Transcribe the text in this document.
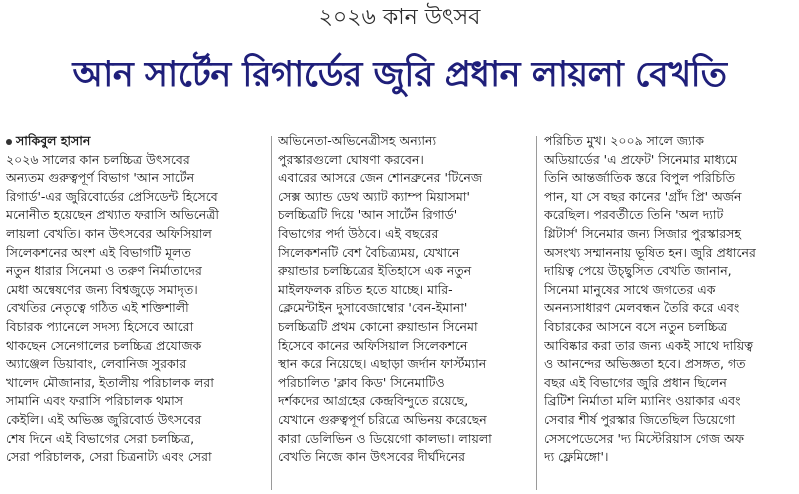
২০২৬ কান উৎসব
আন সার্টেন রিগার্ডের জুরি প্রধান লায়লা বেখতি
সাকিবুল হাসান
২০২৬ সালের কান চলচ্চিত্র উৎসবের
অন্যতম গুরুত্বপূর্ণ বিভাগ 'আন সার্টেন
রিগার্ড'-এর জুরিবোর্ডের প্রেসিডেন্ট হিসেবে
মনোনীত হয়েছেন প্রখ্যাত ফরাসি অভিনেত্রী
লায়লা বেখতি। কান উৎসবের অফিসিয়াল
সিলেকশনের অংশ এই বিভাগটি মূলত
নতুন ধারার সিনেমা ও তরুণ নির্মাতাদের
মেধা অন্বেষণের জন্য বিশ্বজুড়ে সমাদৃত।
বেখতির নেতৃত্বে গঠিত এই শক্তিশালী
বিচারক প্যানেলে সদস্য হিসেবে আরো
থাকছেন সেনেগালের চলচ্চিত্র প্রযোজক
অ্যাঞ্জেল ডিয়াবাং, লেবানিজ সুরকার
খালেদ মৌজানার, ইতালীয় পরিচালক লরা
সামানি এবং ফরাসি পরিচালক থমাস
কেইলি। এই অভিজ্ঞ জুরিবোর্ড উৎসবের
শেষ দিনে এই বিভাগের সেরা চলচ্চিত্র,
সেরা পরিচালক, সেরা চিত্রনাট্য এবং সেরা
অভিনেতা-অভিনেত্রীসহ অন্যান্য
পুরস্কারগুলো ঘোষণা করবেন।
এবারের আসরে জেন শোনব্রুনের 'টিনেজ
সেক্স অ্যান্ড ডেথ অ্যাট ক্যাম্প মিয়াসমা'
চলচ্চিত্রটি দিয়ে 'আন সার্টেন রিগার্ড'
বিভাগের পর্দা উঠবে। এই বছরের
সিলেকশনটি বেশ বৈচিত্র্যময়, যেখানে
রুয়ান্ডার চলচ্চিত্রের ইতিহাসে এক নতুন
মাইলফলক রচিত হতে যাচ্ছে। মারি-
ক্লেমেন্টাইন দুসাবেজাম্বোর 'বেন-ইমানা'
চলচ্চিত্রটি প্রথম কোনো রুয়ান্ডান সিনেমা
হিসেবে কানের অফিসিয়াল সিলেকশনে
স্থান করে নিয়েছে। এছাড়া জর্দান ফার্স্টম্যান
পরিচালিত 'ক্লাব কিড' সিনেমাটিও
দর্শকদের আগ্রহের কেন্দ্রবিন্দুতে রয়েছে,
যেখানে গুরুত্বপূর্ণ চরিত্রে অভিনয় করেছেন
কারা ডেলিভিন ও ডিয়েগো কালভা। লায়লা
বেখতি নিজে কান উৎসবের দীর্ঘদিনের
পরিচিত মুখ। ২০০৯ সালে জ্যাক
অডিয়ার্ডের 'এ প্রফেট' সিনেমার মাধ্যমে
তিনি আন্তর্জাতিক স্তরে বিপুল পরিচিতি
পান, যা সে বছর কানের 'গ্রাঁদ প্রি' অর্জন
করেছিল। পরবর্তীতে তিনি 'অল দ্যাট
গ্লিটার্স' সিনেমার জন্য সিজার পুরস্কারসহ
অসংখ্য সম্মাননায় ভূষিত হন। জুরি প্রধানের
দায়িত্ব পেয়ে উচ্ছ্বসিত বেখতি জানান,
সিনেমা মানুষের সাথে জগতের এক
অনন্যসাধারণ মেলবন্ধন তৈরি করে এবং
বিচারকের আসনে বসে নতুন চলচ্চিত্র
আবিষ্কার করা তার জন্য একই সাথে দায়িত্ব
ও আনন্দের অভিজ্ঞতা হবে। প্রসঙ্গত, গত
বছর এই বিভাগের জুরি প্রধান ছিলেন
ব্রিটিশ নির্মাতা মলি ম্যানিং ওয়াকার এবং
সেবার শীর্ষ পুরস্কার জিতেছিল ডিয়েগো
সেসপেডেসের 'দ্য মিস্টেরিয়াস গেজ অফ
দ্য ফ্লেমিঙ্গো'।
